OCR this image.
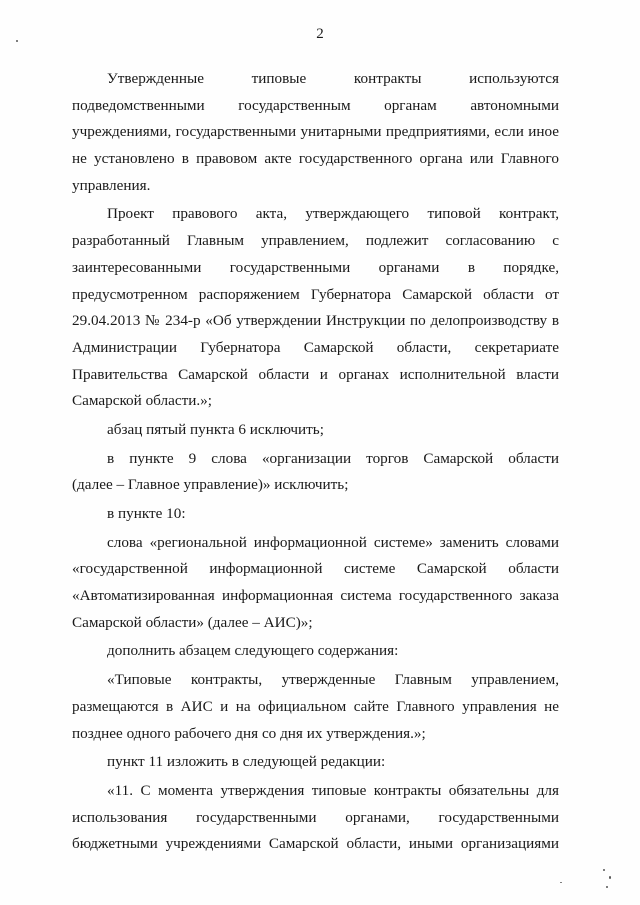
2
Утвержденные типовые контракты используются
подведомственными государственным органам автономными
учреждениями, государственными унитарными предприятиями, если иное
не установлено в правовом акте государственного органа или Главного
управления.
Проект правового акта, утверждающего типовой контракт,
разработанный Главным управлением, подлежит согласованию с
заинтересованными государственными органами в порядке,
предусмотренном распоряжением Губернатора Самарской области от
29.04.2013 № 234-р «Об утверждении Инструкции по делопроизводству в
Администрации Губернатора Самарской области, секретариате
Правительства Самарской области и органах исполнительной власти
Самарской области.»;
абзац пятый пункта 6 исключить;
в пункте 9 слова «организации торгов Самарской области
(далее – Главное управление)» исключить;
в пункте 10:
слова «региональной информационной системе» заменить словами
«государственной информационной системе Самарской области
«Автоматизированная информационная система государственного заказа
Самарской области» (далее – АИС)»;
дополнить абзацем следующего содержания:
«Типовые контракты, утвержденные Главным управлением,
размещаются в АИС и на официальном сайте Главного управления не
позднее одного рабочего дня со дня их утверждения.»;
пункт 11 изложить в следующей редакции:
«11. С момента утверждения типовые контракты обязательны для
использования государственными органами, государственными
бюджетными учреждениями Самарской области, иными организациями
